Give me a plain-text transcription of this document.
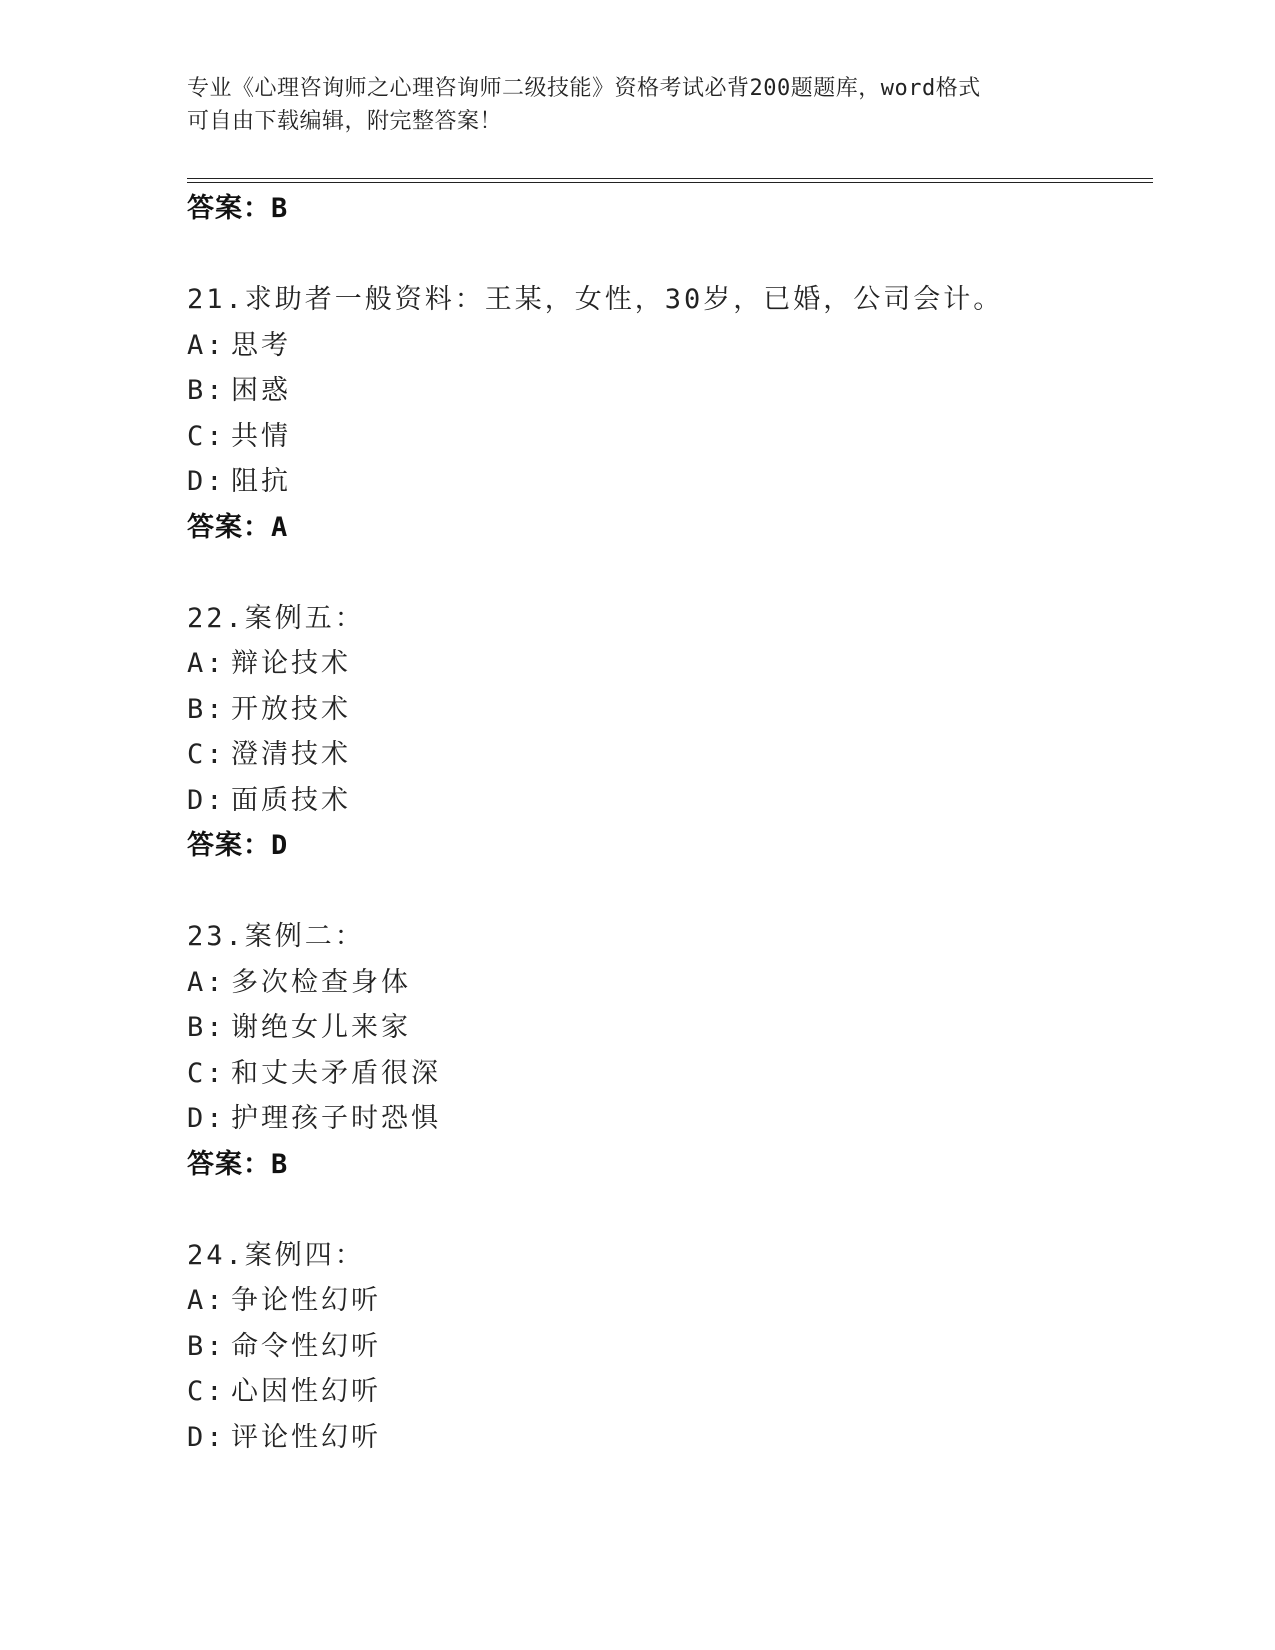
专业《心理咨询师之心理咨询师二级技能》资格考试必背200题题库，word格式
可自由下载编辑，附完整答案！
答案：B
21.求助者一般资料：王某，女性，30岁，已婚，公司会计。
A: 思考
B: 困惑
C: 共情
D: 阻抗
答案：A
22.案例五：
A: 辩论技术
B: 开放技术
C: 澄清技术
D: 面质技术
答案：D
23.案例二：
A: 多次检查身体
B: 谢绝女儿来家
C: 和丈夫矛盾很深
D: 护理孩子时恐惧
答案：B
24.案例四：
A: 争论性幻听
B: 命令性幻听
C: 心因性幻听
D: 评论性幻听
